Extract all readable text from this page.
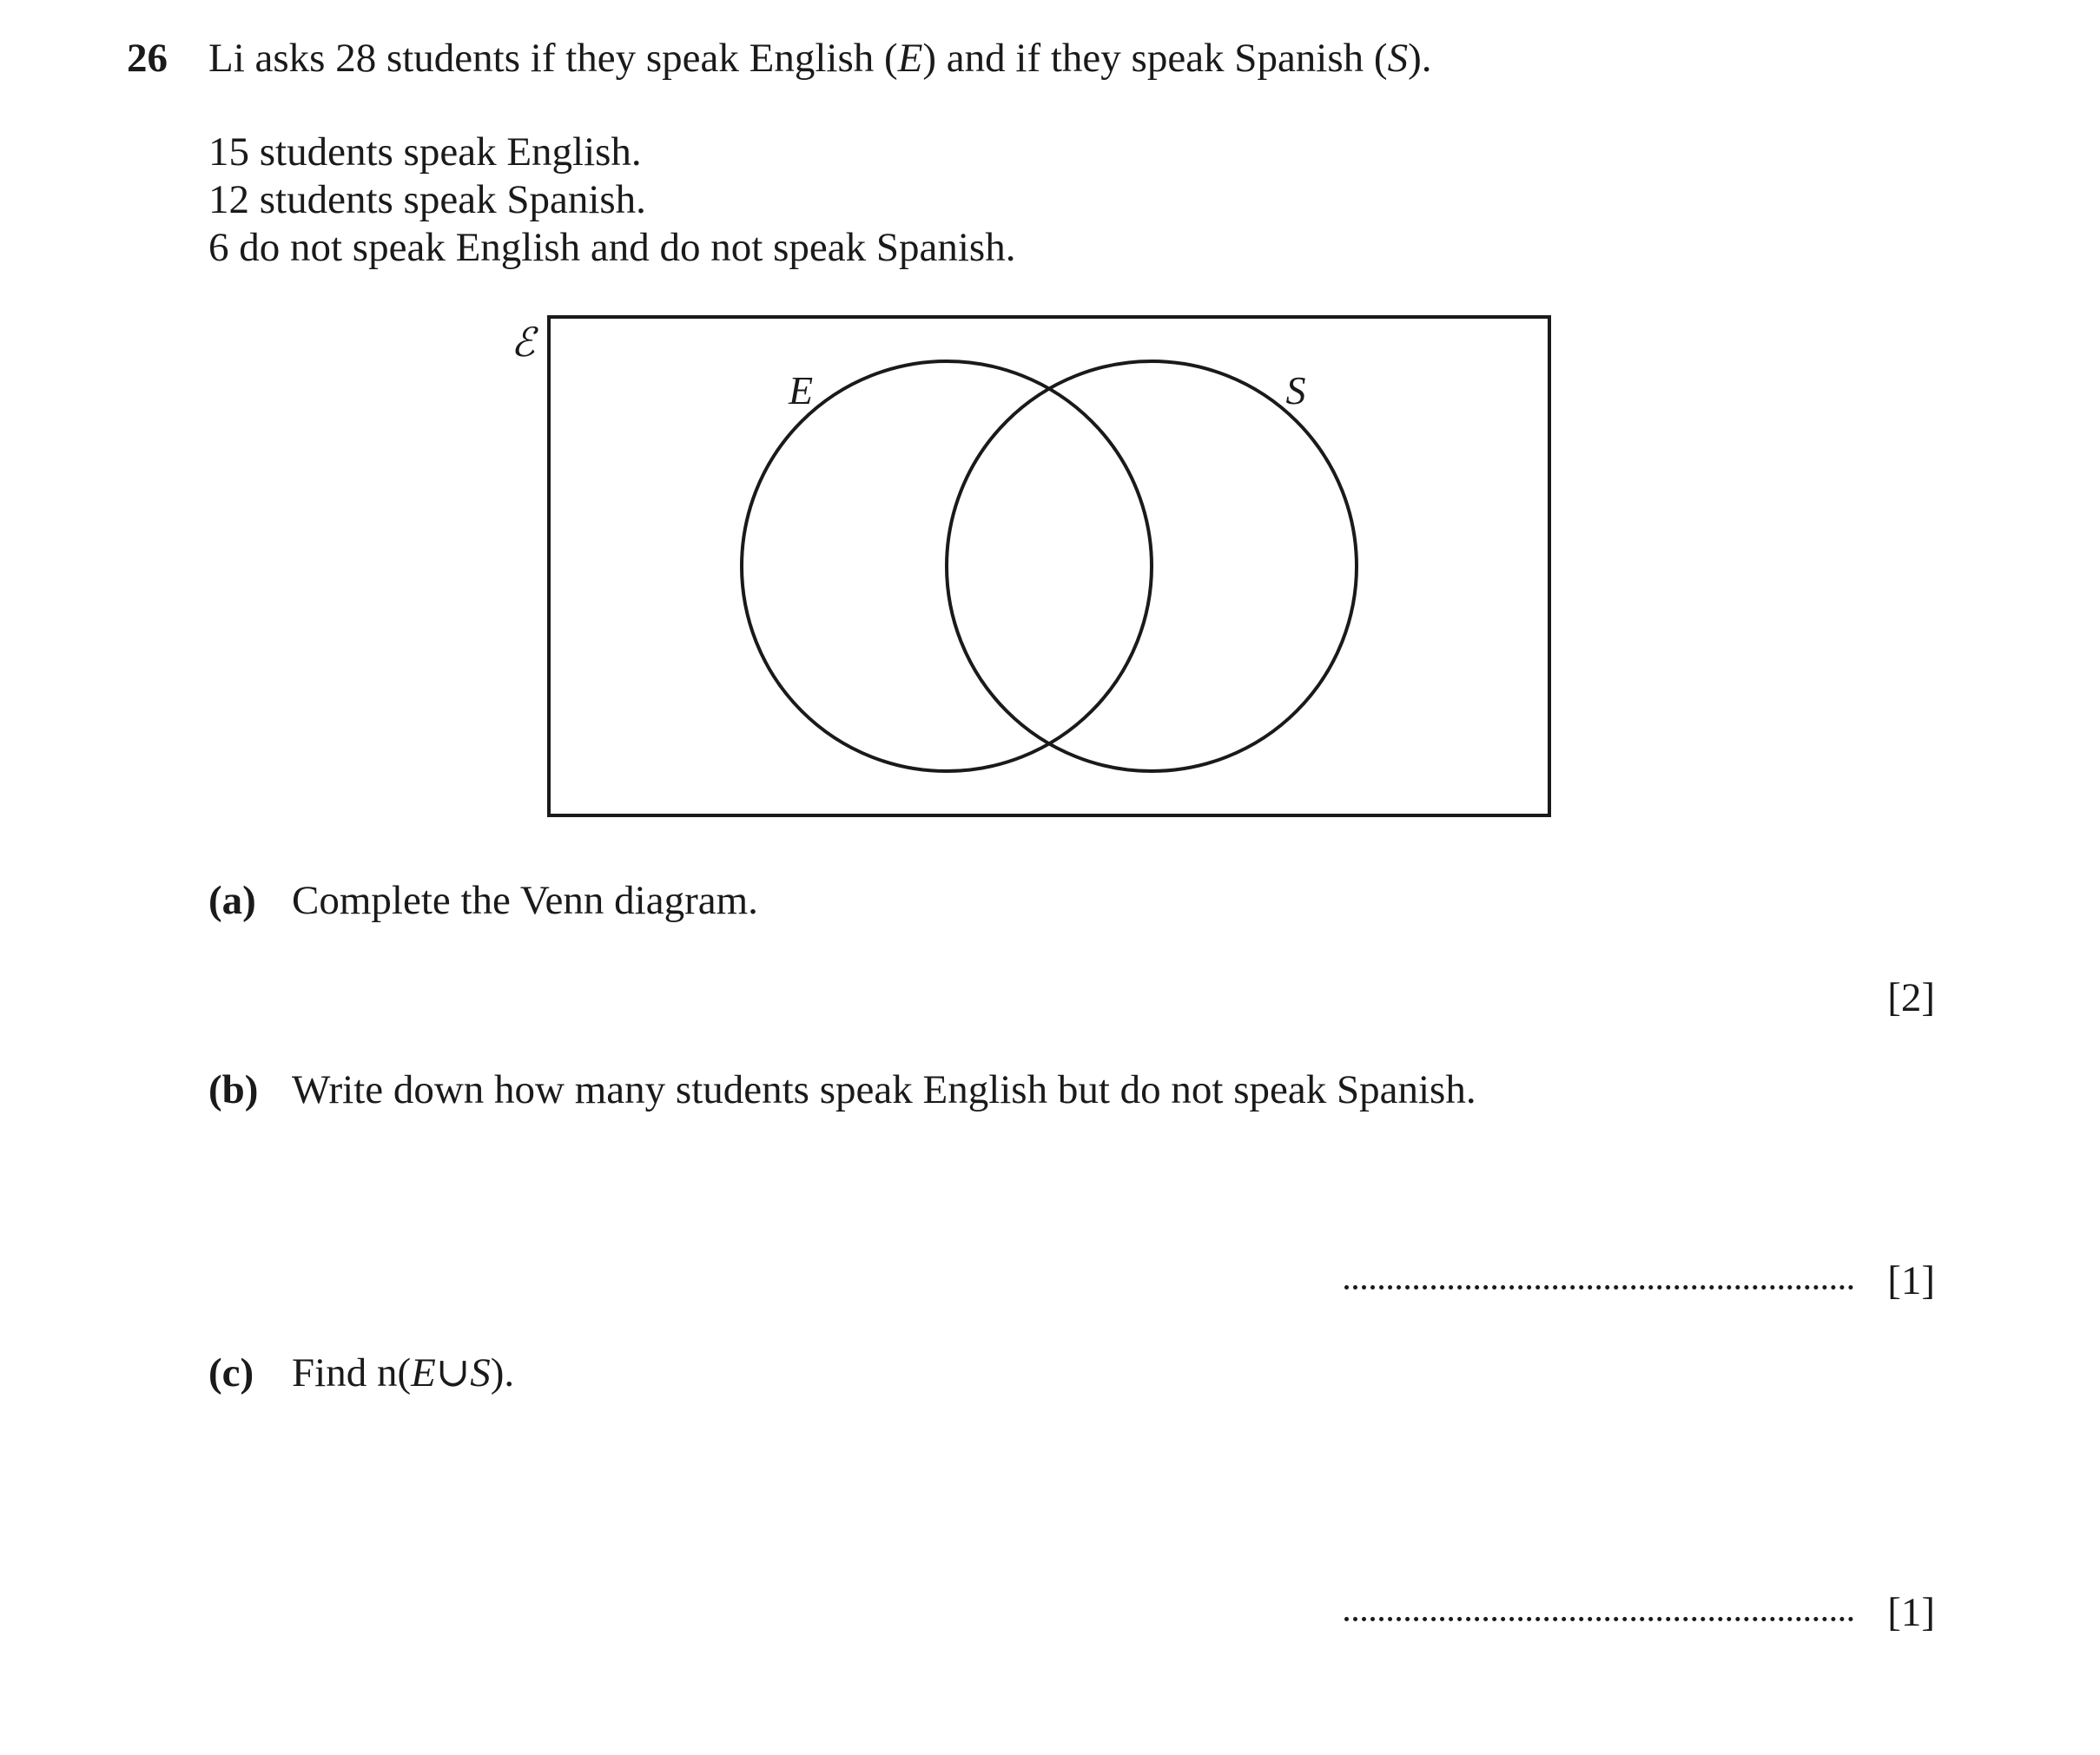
26 Li asks 28 students if they speak English (E) and if they speak Spanish (S).
15 students speak English.
12 students speak Spanish.
6 do not speak English and do not speak Spanish.
ℰ
E	S
(a) Complete the Venn diagram.
[2]
(b) Write down how many students speak English but do not speak Spanish.
[1]
(c) Find n(E∪S).
[1]
